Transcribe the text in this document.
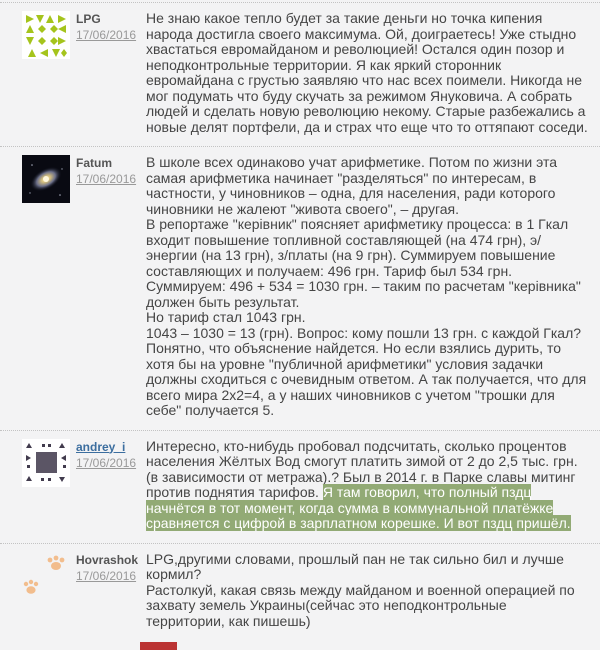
LPG
17/06/2016

Не знаю какое тепло будет за такие деньги но точка кипения народа достигла своего максимума. Ой, доиграетесь! Уже стыдно хвастаться евромайданом и революцией! Остался один позор и неподконтрольные территории. Я как яркий сторонник евромайдана с грустью заявляю что нас всех поимели. Никогда не мог подумать что буду скучать за режимом Януковича. А собрать людей и сделать новую революцию некому. Старые разбежались а новые делят портфели, да и страх что еще что то оттяпают соседи.

Fatum
17/06/2016

В школе всех одинаково учат арифметике. Потом по жизни эта самая арифметика начинает "разделяться" по интересам, в частности, у чиновников – одна, для населения, ради которого чиновники не жалеют "живота своего", – другая.

В репортаже "керівник" поясняет арифметику процесса: в 1 Гкал входит повышение топливной составляющей (на 474 грн), э/энергии (на 13 грн), з/платы (на 9 грн). Суммируем повышение составляющих и получаем: 496 грн. Тариф был 534 грн.

Суммируем: 496 + 534 = 1030 грн. – таким по расчетам "керівника" должен быть результат.

Но тариф стал 1043 грн.

1043 – 1030 = 13 (грн). Вопрос: кому пошли 13 грн. с каждой Гкал? Понятно, что объяснение найдется. Но если взялись дурить, то хотя бы на уровне "публичной арифметики" условия задачки должны сходиться с очевидным ответом. А так получается, что для всего мира 2х2=4, а у наших чиновников с учетом "трошки для себе" получается 5.

andrey_i
17/06/2016

Интересно, кто-нибудь пробовал подсчитать, сколько процентов населения Жёлтых Вод смогут платить зимой от 2 до 2,5 тыс. грн. (в зависимости от метража).? Был в 2014 г. в Парке славы митинг против поднятия тарифов. Я там говорил, что полный пздц начнётся в тот момент, когда сумма в коммунальной платёжке сравняется с цифрой в зарплатном корешке. И вот пздц пришёл.

Hovrashok
17/06/2016

LPG,другими словами, прошлый пан не так сильно бил и лучше кормил?

Растолкуй, какая связь между майданом и военной операцией по захвату земель Украины(сейчас это неподконтрольные территории, как пишешь)
